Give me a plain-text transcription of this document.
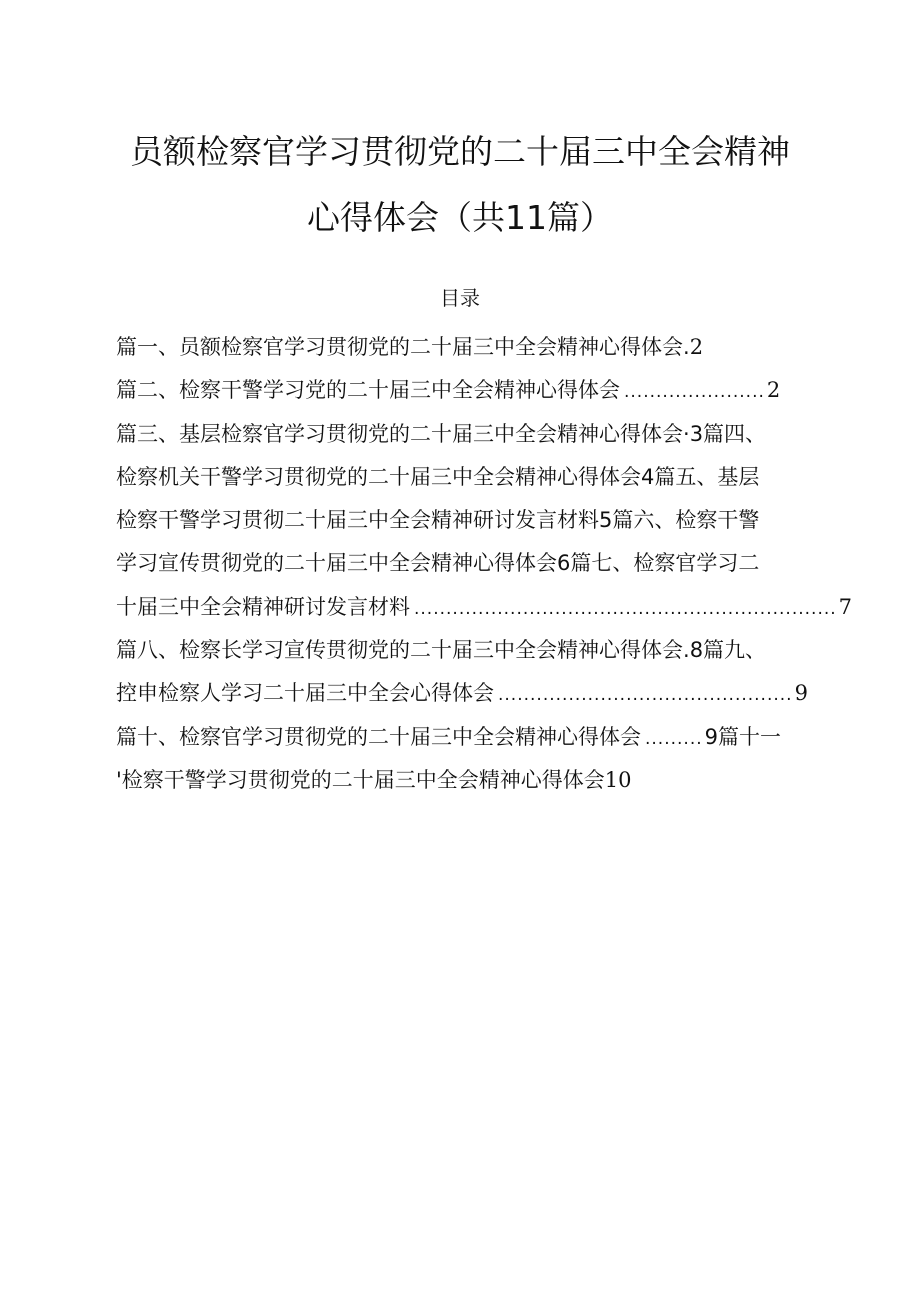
员额检察官学习贯彻党的二十届三中全会精神
心得体会（共11篇）
目录
篇一、员额检察官学习贯彻党的二十届三中全会精神心得体会. 2
篇二、检察干警学习党的二十届三中全会精神心得体会 ...................... 2
篇三、基层检察官学习贯彻党的二十届三中全会精神心得体会· 3篇四、
检察机关干警学习贯彻党的二十届三中全会精神心得体会 4篇五、基层
检察干警学习贯彻二十届三中全会精神研讨发言材料 5篇六、检察干警
学习宣传贯彻党的二十届三中全会精神心得体会 6篇七、检察官学习二
十届三中全会精神研讨发言材料 .................................................................. 7
篇八、检察长学习宣传贯彻党的二十届三中全会精神心得体会. 8篇九、
控申检察人学习二十届三中全会心得体会 .............................................. 9
篇十、检察官学习贯彻党的二十届三中全会精神心得体会 ......... 9篇十一
'检察干警学习贯彻党的二十届三中全会精神心得体会 10
